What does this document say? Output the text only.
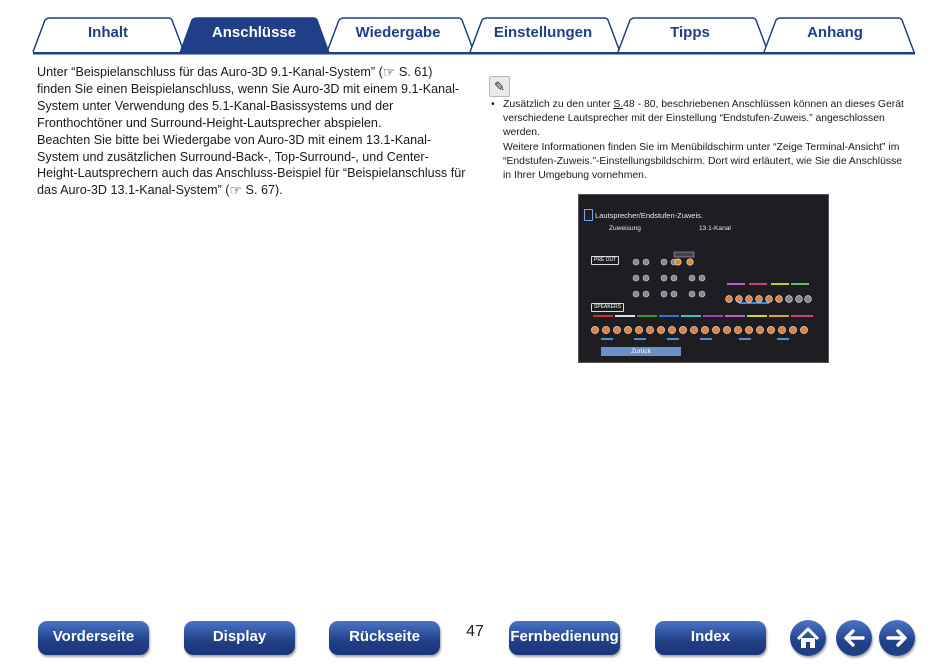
Inhalt	Anschlüsse	Wiedergabe	Einstellungen	Tipps	Anhang

Unter “Beispielanschluss für das Auro-3D 9.1-Kanal-System” (☞ S. 61) finden Sie einen Beispielanschluss, wenn Sie Auro-3D mit einem 9.1-Kanal-System unter Verwendung des 5.1-Kanal-Basissystems und der Fronthochtöner und Surround-Height-Lautsprecher abspielen.

Beachten Sie bitte bei Wiedergabe von Auro-3D mit einem 13.1-Kanal-System und zusätzlichen Surround-Back-, Top-Surround-, und Center-Height-Lautsprechern auch das Anschluss-Beispiel für “Beispielanschluss für das Auro-3D 13.1-Kanal-System” (☞ S. 67).

✎
• Zusätzlich zu den unter S.48 - 80, beschriebenen Anschlüssen können an dieses Gerät verschiedene Lautsprecher mit der Einstellung “Endstufen-Zuweis.” angeschlossen werden.

Weitere Informationen finden Sie im Menübildschirm unter “Zeige Terminal-Ansicht” im “Endstufen-Zuweis.”-Einstellungsbildschirm. Dort wird erläutert, wie Sie die Anschlüsse in Ihrer Umgebung vornehmen.

Lautsprecher/Endstufen-Zuweis.
Zuweisung	13.1-Kanal
PRE OUT
SPEAKERS
Zurück
Vorderseite	Display	Rückseite	47	Fernbedienung	Index
